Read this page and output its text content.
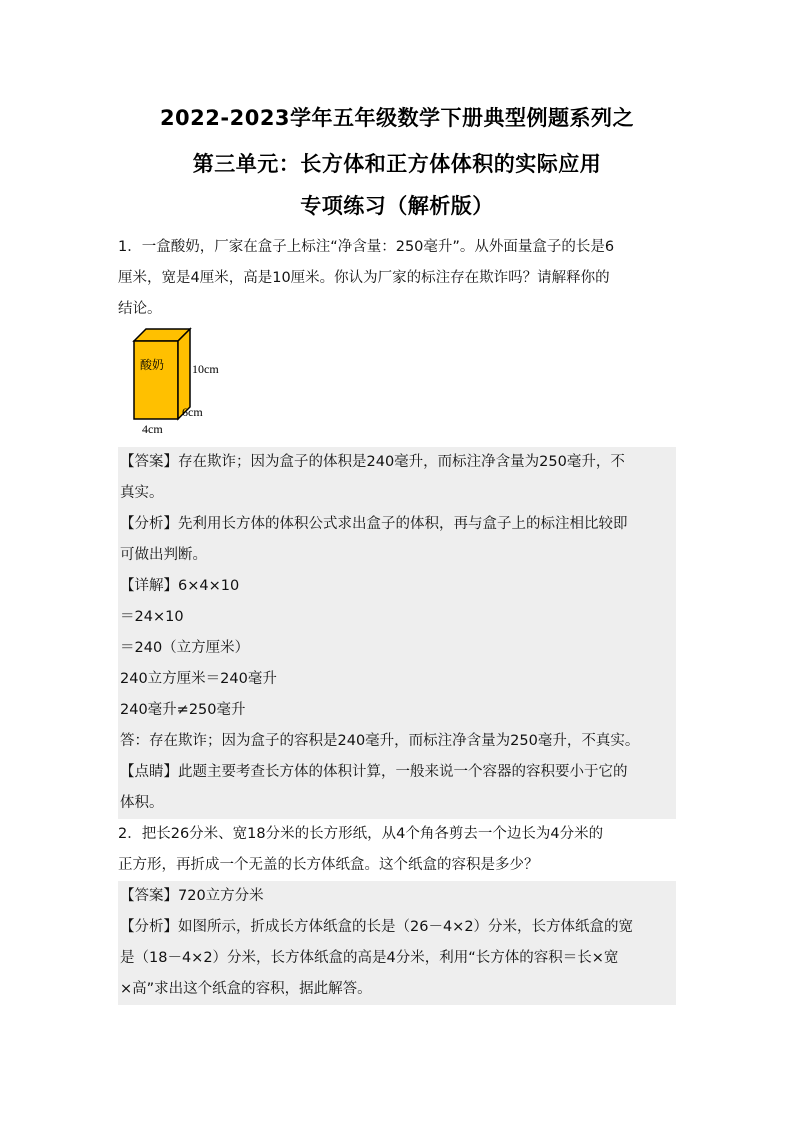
2022-2023学年五年级数学下册典型例题系列之
第三单元：长方体和正方体体积的实际应用
专项练习（解析版）

1．一盒酸奶，厂家在盒子上标注“净含量：250毫升”。从外面量盒子的长是6

厘米，宽是4厘米，高是10厘米。你认为厂家的标注存在欺诈吗？请解释你的

结论。

酸奶 10cm
6cm
4cm

【答案】存在欺诈；因为盒子的体积是240毫升，而标注净含量为250毫升，不

真实。

【分析】先利用长方体的体积公式求出盒子的体积，再与盒子上的标注相比较即

可做出判断。

【详解】6×4×10

＝24×10

＝240（立方厘米）

240立方厘米＝240毫升

240毫升≠250毫升

答：存在欺诈；因为盒子的容积是240毫升，而标注净含量为250毫升，不真实。

【点睛】此题主要考查长方体的体积计算，一般来说一个容器的容积要小于它的

体积。

2．把长26分米、宽18分米的长方形纸，从4个角各剪去一个边长为4分米的

正方形，再折成一个无盖的长方体纸盒。这个纸盒的容积是多少？

【答案】720立方分米

【分析】如图所示，折成长方体纸盒的长是（26－4×2）分米，长方体纸盒的宽

是（18－4×2）分米，长方体纸盒的高是4分米，利用“长方体的容积＝长×宽

×高”求出这个纸盒的容积，据此解答。
